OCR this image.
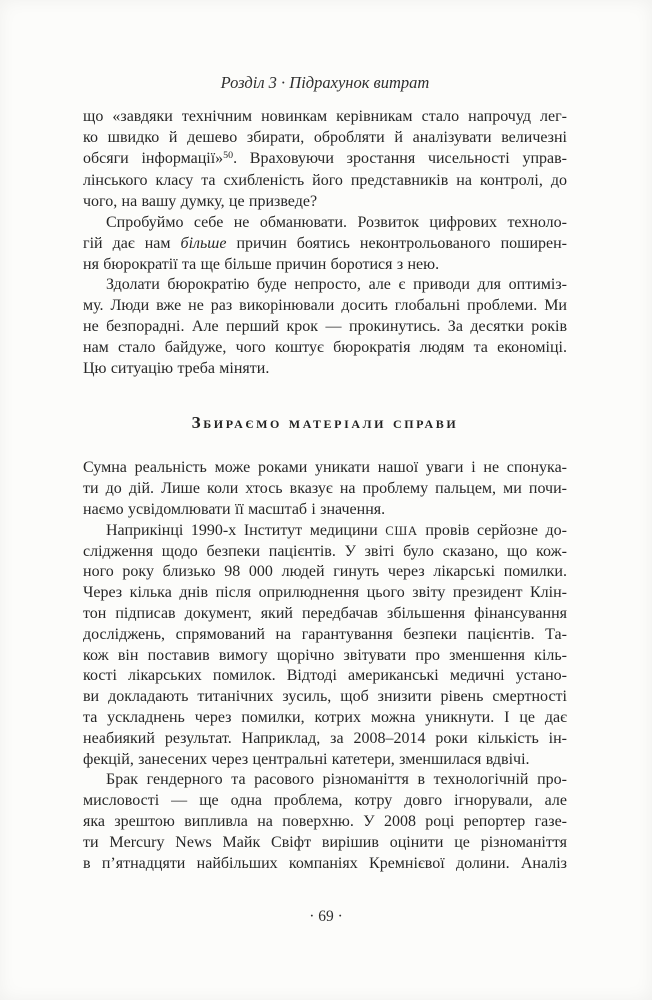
Розділ 3 · Підрахунок витрат
що «завдяки технічним новинкам керівникам стало напрочуд лег-
ко швидко й дешево збирати, обробляти й аналізувати величезні
обсяги інформації»$^{50}$. Враховуючи зростання чисельності управ-
лінського класу та схибленість його представників на контролі, до
чого, на вашу думку, це призведе?
Спробуймо себе не обманювати. Розвиток цифрових техноло-
гій дає нам більше причин боятись неконтрольованого поширен-
ня бюрократії та ще більше причин боротися з нею.
Здолати бюрократію буде непросто, але є приводи для оптиміз-
му. Люди вже не раз викорінювали досить глобальні проблеми. Ми
не безпорадні. Але перший крок — прокинутись. За десятки років
нам стало байдуже, чого коштує бюрократія людям та економіці.
Цю ситуацію треба міняти.
Збираємо матеріали справи
Сумна реальність може роками уникати нашої уваги і не спонука-
ти до дій. Лише коли хтось вказує на проблему пальцем, ми почи-
наємо усвідомлювати її масштаб і значення.
Наприкінці 1990-х Інститут медицини США провів серйозне до-
слідження щодо безпеки пацієнтів. У звіті було сказано, що кож-
ного року близько 98 000 людей гинуть через лікарські помилки.
Через кілька днів після оприлюднення цього звіту президент Клін-
тон підписав документ, який передбачав збільшення фінансування
досліджень, спрямований на гарантування безпеки пацієнтів. Та-
кож він поставив вимогу щорічно звітувати про зменшення кіль-
кості лікарських помилок. Відтоді американські медичні устано-
ви докладають титанічних зусиль, щоб знизити рівень смертності
та ускладнень через помилки, котрих можна уникнути. І це дає
неабиякий результат. Наприклад, за 2008–2014 роки кількість ін-
фекцій, занесених через центральні катетери, зменшилася вдвічі.
Брак гендерного та расового різноманіття в технологічній про-
мисловості — ще одна проблема, котру довго ігнорували, але
яка зрештою випливла на поверхню. У 2008 році репортер газе-
ти Mercury News Майк Свіфт вирішив оцінити це різноманіття
в п’ятнадцяти найбільших компаніях Кремнієвої долини. Аналіз
· 69 ·
